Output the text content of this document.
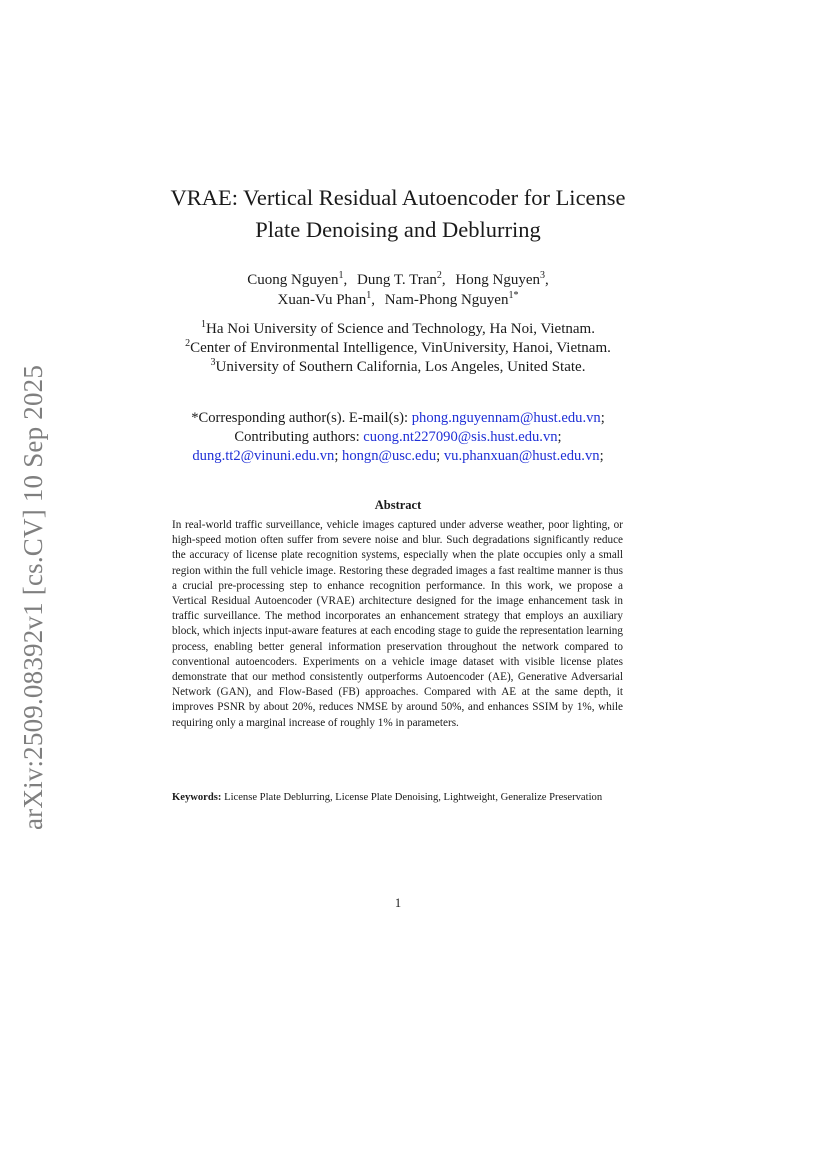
arXiv:2509.08392v1 [cs.CV] 10 Sep 2025
VRAE: Vertical Residual Autoencoder for License
Plate Denoising and Deblurring
Cuong Nguyen$^1$, Dung T. Tran$^2$, Hong Nguyen$^3$,
Xuan-Vu Phan$^1$, Nam-Phong Nguyen$^{1*}$
$^1$Ha Noi University of Science and Technology, Ha Noi, Vietnam.
$^2$Center of Environmental Intelligence, VinUniversity, Hanoi, Vietnam.
$^3$University of Southern California, Los Angeles, United State.
*Corresponding author(s). E-mail(s): phong.nguyennam@hust.edu.vn;
Contributing authors: cuong.nt227090@sis.hust.edu.vn;
dung.tt2@vinuni.edu.vn; hongn@usc.edu; vu.phanxuan@hust.edu.vn;
Abstract
In real-world traffic surveillance, vehicle images captured under adverse weather, poor lighting, or high-speed motion often suffer from severe noise and blur. Such degradations significantly reduce the accuracy of license plate recognition systems, especially when the plate occupies only a small region within the full vehicle image. Restoring these degraded images a fast realtime manner is thus a crucial pre-processing step to enhance recognition performance. In this work, we propose a Vertical Residual Autoencoder (VRAE) architecture designed for the image enhancement task in traffic surveillance. The method incorporates an enhancement strategy that employs an auxiliary block, which injects input-aware features at each encoding stage to guide the representation learning process, enabling better general information preservation throughout the network compared to conventional autoencoders. Experiments on a vehicle image dataset with visible license plates demonstrate that our method consistently outperforms Autoencoder (AE), Generative Adversarial Network (GAN), and Flow-Based (FB) approaches. Compared with AE at the same depth, it improves PSNR by about 20%, reduces NMSE by around 50%, and enhances SSIM by 1%, while requiring only a marginal increase of roughly 1% in parameters.
Keywords: License Plate Deblurring, License Plate Denoising, Lightweight, Generalize Preservation
1
